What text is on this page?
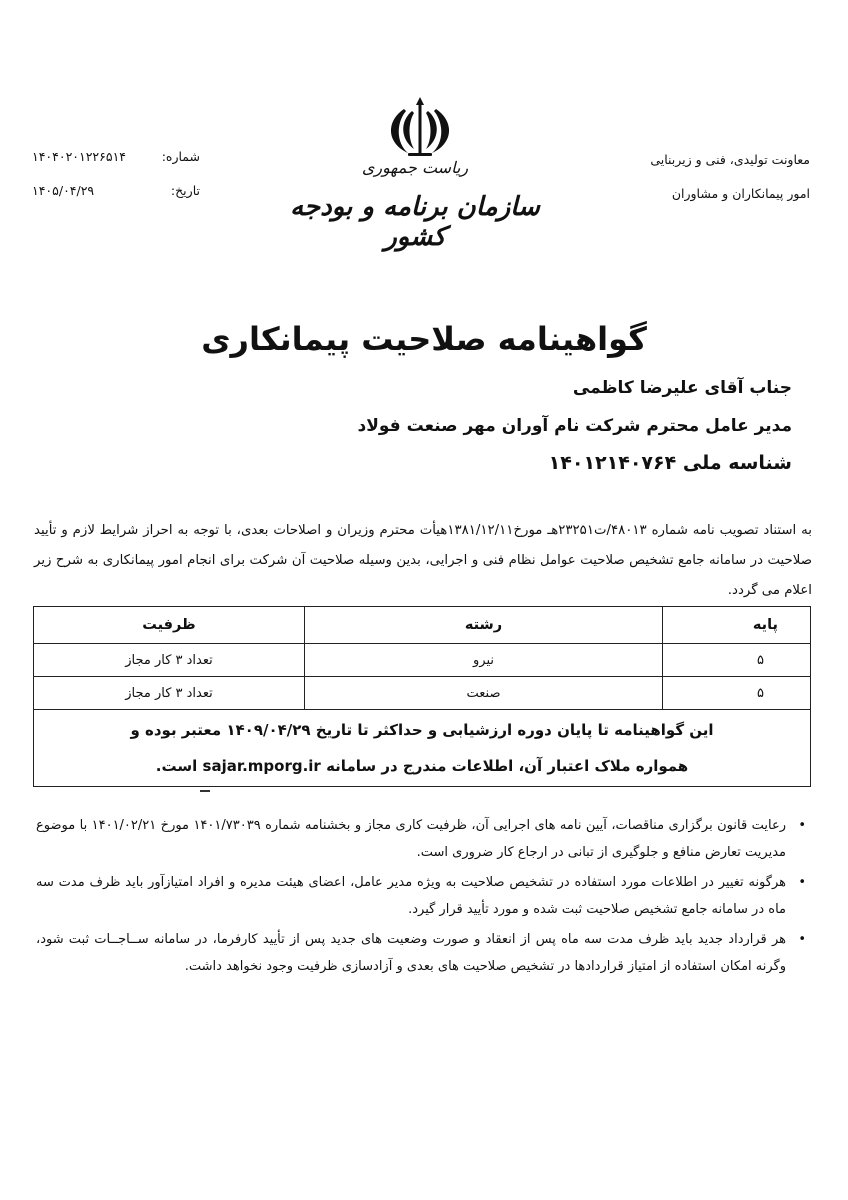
معاونت تولیدی، فنی و زیربنایی
امور پیمانکاران و مشاوران
ریاست جمهوری
سازمان برنامه و بودجه کشور
شماره:
۱۴۰۴۰۲۰۱۲۲۶۵۱۴
تاریخ:
۱۴۰۵/۰۴/۲۹
گواهینامه صلاحیت پیمانکاری
جناب آقای علیرضا کاظمی
مدیر عامل محترم شرکت نام آوران مهر صنعت فولاد
شناسه ملی ۱۴۰۱۲۱۴۰۷۶۴
به استناد تصویب نامه شماره ۴۸۰۱۳/ت۲۳۲۵۱هـ مورخ۱۳۸۱/۱۲/۱۱هیأت محترم وزیران و اصلاحات بعدی، با توجه به احراز شرایط لازم و تأیید صلاحیت در سامانه جامع تشخیص صلاحیت عوامل نظام فنی و اجرایی، بدین وسیله صلاحیت آن شرکت برای انجام امور پیمانکاری به شرح زیر اعلام می گردد.
پایه	رشته	ظرفیت
۵	نیرو	تعداد ۳ کار مجاز
۵	صنعت	تعداد ۳ کار مجاز

این گواهینامه تا پایان دوره ارزشیابی و حداکثر تا تاریخ ۱۴۰۹/۰۴/۲۹ معتبر بوده و
همواره ملاک اعتبار آن، اطلاعات مندرج در سامانه sajar.mporg.ir است.		
•
رعایت قانون برگزاری مناقصات، آیین نامه های اجرایی آن، ظرفیت کاری مجاز و بخشنامه شماره ۱۴۰۱/۷۳۰۳۹ مورخ ۱۴۰۱/۰۲/۲۱ با موضوع مدیریت تعارض منافع و جلوگیری از تبانی در ارجاع کار ضروری است.
•
هرگونه تغییر در اطلاعات مورد استفاده در تشخیص صلاحیت به ویژه مدیر عامل، اعضای هیئت مدیره و افراد امتیازآور باید ظرف مدت سه ماه در سامانه جامع تشخیص صلاحیت ثبت شده و مورد تأیید قرار گیرد.
•
هر قرارداد جدید باید ظرف مدت سه ماه پس از انعقاد و صورت وضعیت های جدید پس از تأیید کارفرما، در سامانه ســاجــات ثبت شود، وگرنه امکان استفاده از امتیاز قراردادها در تشخیص صلاحیت های بعدی و آزادسازی ظرفیت وجود نخواهد داشت.
